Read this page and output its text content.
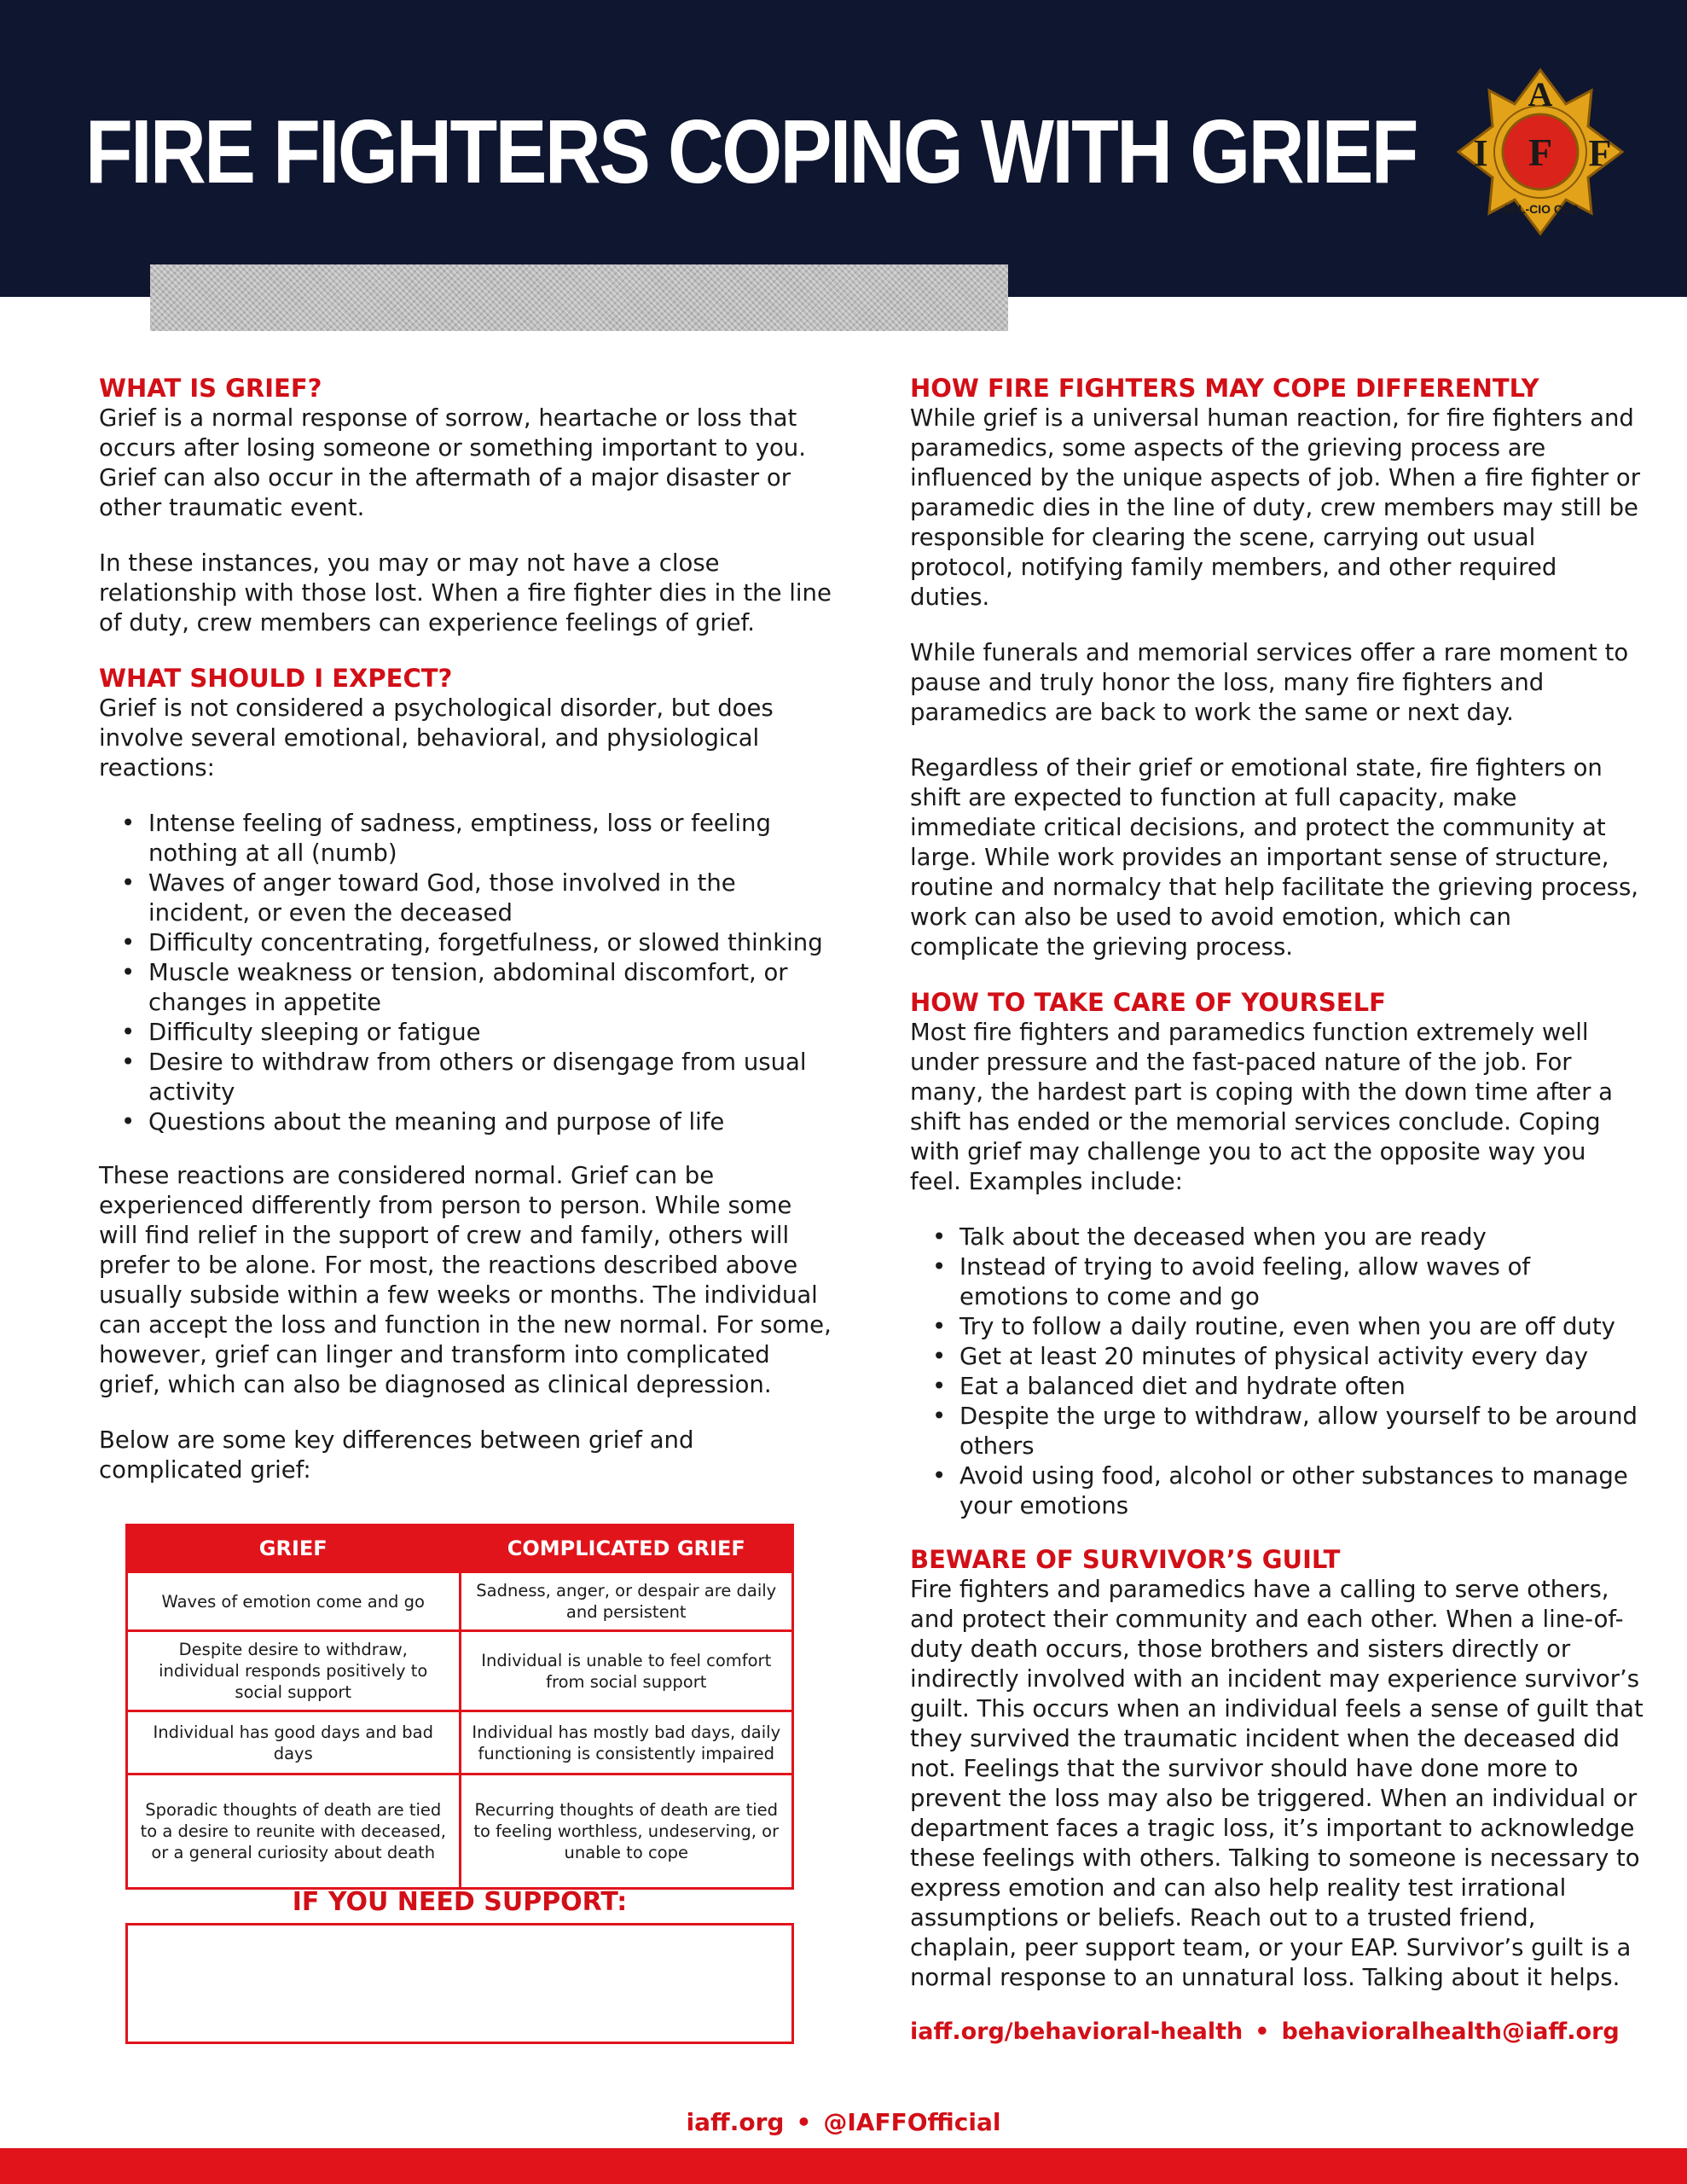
FIRE FIGHTERS COPING WITH GRIEF
A
I F F
AFL-CIO CLC
WHAT IS GRIEF?

Grief is a normal response of sorrow, heartache or loss that occurs after losing someone or something important to you. Grief can also occur in the aftermath of a major disaster or other traumatic event.

In these instances, you may or may not have a close relationship with those lost. When a fire fighter dies in the line of duty, crew members can experience feelings of grief.

WHAT SHOULD I EXPECT?

Grief is not considered a psychological disorder, but does involve several emotional, behavioral, and physiological reactions:

• Intense feeling of sadness, emptiness, loss or feeling nothing at all (numb)
• Waves of anger toward God, those involved in the incident, or even the deceased
• Difficulty concentrating, forgetfulness, or slowed thinking
• Muscle weakness or tension, abdominal discomfort, or changes in appetite
• Difficulty sleeping or fatigue
• Desire to withdraw from others or disengage from usual activity
• Questions about the meaning and purpose of life

These reactions are considered normal. Grief can be experienced differently from person to person. While some will find relief in the support of crew and family, others will prefer to be alone. For most, the reactions described above usually subside within a few weeks or months. The individual can accept the loss and function in the new normal. For some, however, grief can linger and transform into complicated grief, which can also be diagnosed as clinical depression.

Below are some key differences between grief and complicated grief:

GRIEF	COMPLICATED GRIEF
Waves of emotion come and go	Sadness, anger, or despair are daily and persistent
Despite desire to withdraw, individual responds positively to social support	Individual is unable to feel comfort from social support
Individual has good days and bad days	Individual has mostly bad days, daily functioning is consistently impaired
Sporadic thoughts of death are tied to a desire to reunite with deceased, or a general curiosity about death	Recurring thoughts of death are tied to feeling worthless, undeserving, or unable to cope
IF YOU NEED SUPPORT:
HOW FIRE FIGHTERS MAY COPE DIFFERENTLY

While grief is a universal human reaction, for fire fighters and paramedics, some aspects of the grieving process are influenced by the unique aspects of job. When a fire fighter or paramedic dies in the line of duty, crew members may still be responsible for clearing the scene, carrying out usual protocol, notifying family members, and other required duties.

While funerals and memorial services offer a rare moment to pause and truly honor the loss, many fire fighters and paramedics are back to work the same or next day.

Regardless of their grief or emotional state, fire fighters on shift are expected to function at full capacity, make immediate critical decisions, and protect the community at large. While work provides an important sense of structure, routine and normalcy that help facilitate the grieving process, work can also be used to avoid emotion, which can complicate the grieving process.

HOW TO TAKE CARE OF YOURSELF

Most fire fighters and paramedics function extremely well under pressure and the fast-paced nature of the job. For many, the hardest part is coping with the down time after a shift has ended or the memorial services conclude. Coping with grief may challenge you to act the opposite way you feel. Examples include:

• Talk about the deceased when you are ready
• Instead of trying to avoid feeling, allow waves of emotions to come and go
• Try to follow a daily routine, even when you are off duty
• Get at least 20 minutes of physical activity every day
• Eat a balanced diet and hydrate often
• Despite the urge to withdraw, allow yourself to be around others
• Avoid using food, alcohol or other substances to manage your emotions
BEWARE OF SURVIVOR’S GUILT

Fire fighters and paramedics have a calling to serve others, and protect their community and each other. When a line-of-duty death occurs, those brothers and sisters directly or indirectly involved with an incident may experience survivor’s guilt. This occurs when an individual feels a sense of guilt that they survived the traumatic incident when the deceased did not. Feelings that the survivor should have done more to prevent the loss may also be triggered. When an individual or department faces a tragic loss, it’s important to acknowledge these feelings with others. Talking to someone is necessary to express emotion and can also help reality test irrational assumptions or beliefs. Reach out to a trusted friend, chaplain, peer support team, or your EAP. Survivor’s guilt is a normal response to an unnatural loss. Talking about it helps.

iaff.org/behavioral-health • behavioralhealth@iaff.org
iaff.org • @IAFFOfficial
